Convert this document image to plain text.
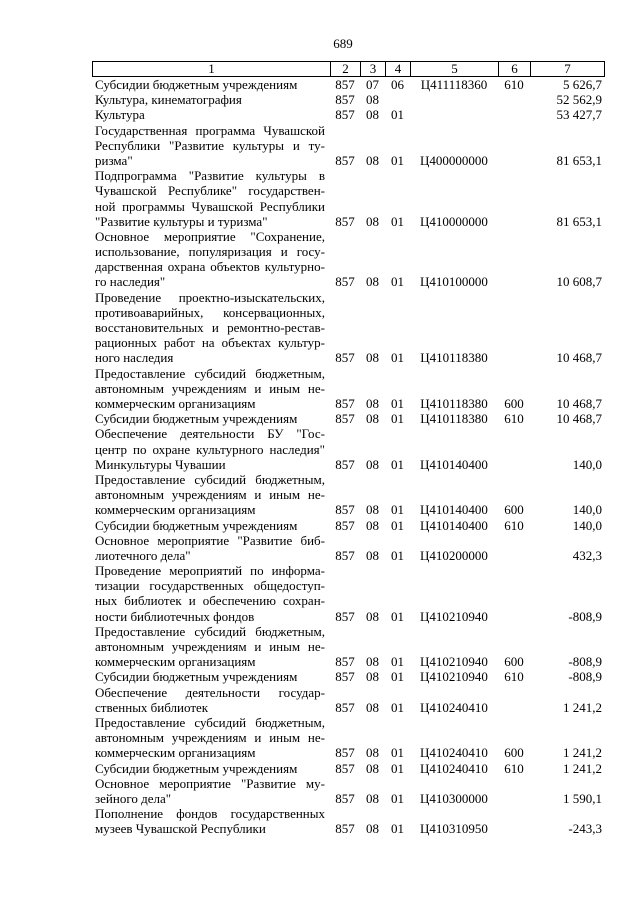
689
1	2	3	4	5	6	7
Субсидии бюджетным учреждениям	857 07 06	Ц411118360	610	5 626,7
Культура, кинематография	857 08	52 562,9
Культура	857 08 01	53 427,7
Государственная программа Чувашской
Республики "Развитие культуры и ту-
ризма"	857 08 01	Ц400000000	81 653,1
Подпрограмма "Развитие культуры в
Чувашской Республике" государствен-
ной программы Чувашской Республики
"Развитие культуры и туризма"	857 08 01	Ц410000000	81 653,1
Основное мероприятие "Сохранение,
использование, популяризация и госу-
дарственная охрана объектов культурно-
го наследия"	857 08 01	Ц410100000	10 608,7
Проведение проектно-изыскательских,
противоаварийных, консервационных,
восстановительных и ремонтно-рестав-
рационных работ на объектах культур-
ного наследия	857 08 01	Ц410118380	10 468,7
Предоставление субсидий бюджетным,
автономным учреждениям и иным не-
коммерческим организациям	857 08 01	Ц410118380	600	10 468,7
Субсидии бюджетным учреждениям	857 08 01	Ц410118380	610	10 468,7
Обеспечение деятельности БУ "Гос-
центр по охране культурного наследия"
Минкультуры Чувашии	857 08 01	Ц410140400	140,0
Предоставление субсидий бюджетным,
автономным учреждениям и иным не-
коммерческим организациям	857 08 01	Ц410140400	600	140,0
Субсидии бюджетным учреждениям	857 08 01	Ц410140400	610	140,0
Основное мероприятие "Развитие биб-
лиотечного дела"	857 08 01	Ц410200000	432,3
Проведение мероприятий по информа-
тизации государственных общедоступ-
ных библиотек и обеспечению сохран-
ности библиотечных фондов	857 08 01	Ц410210940	-808,9
Предоставление субсидий бюджетным,
автономным учреждениям и иным не-
коммерческим организациям	857 08 01	Ц410210940	600	-808,9
Субсидии бюджетным учреждениям	857 08 01	Ц410210940	610	-808,9
Обеспечение деятельности государ-
ственных библиотек	857 08 01	Ц410240410	1 241,2
Предоставление субсидий бюджетным,
автономным учреждениям и иным не-
коммерческим организациям	857 08 01	Ц410240410	600	1 241,2
Субсидии бюджетным учреждениям	857 08 01	Ц410240410	610	1 241,2
Основное мероприятие "Развитие му-
зейного дела"	857 08 01	Ц410300000	1 590,1
Пополнение фондов государственных
музеев Чувашской Республики	857 08 01	Ц410310950	-243,3
